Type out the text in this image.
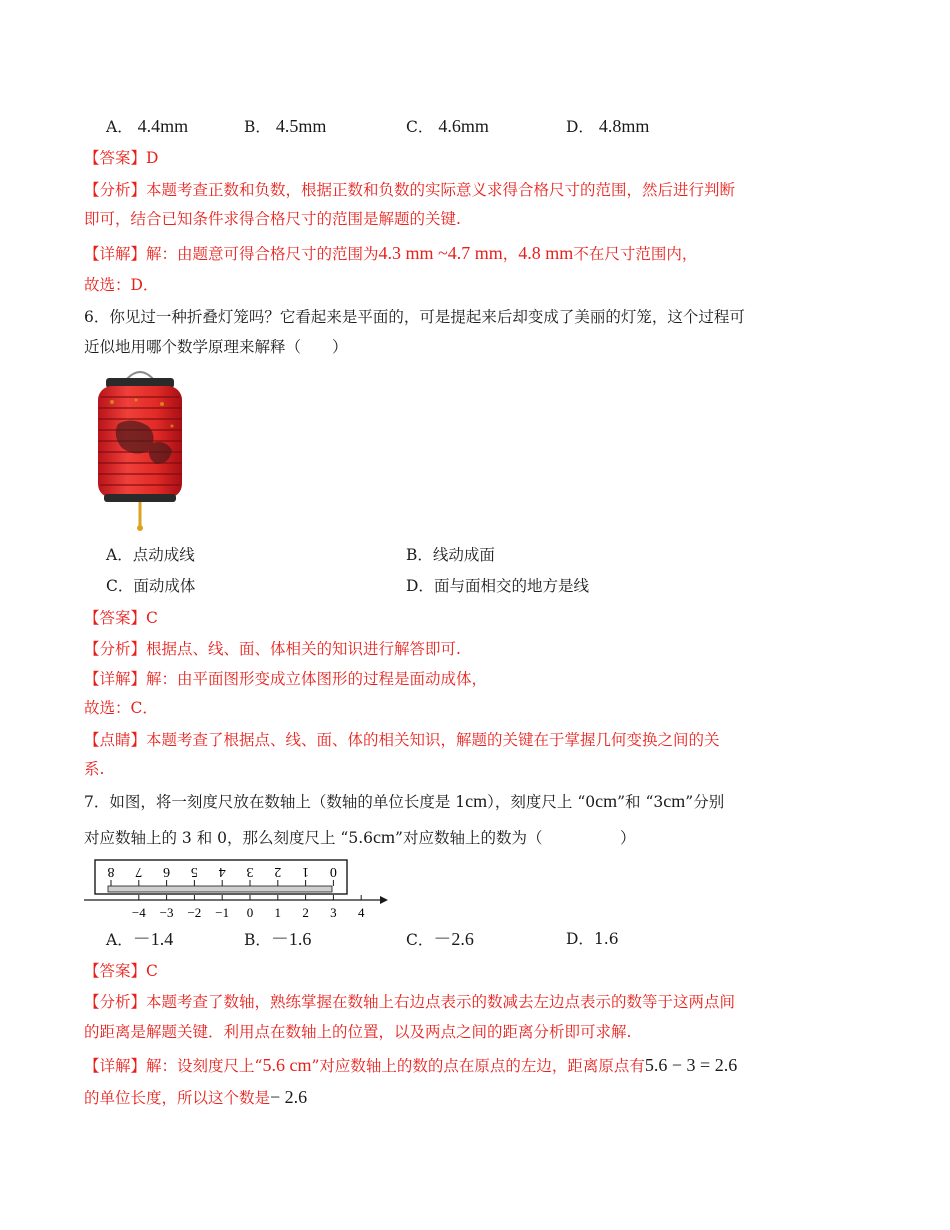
A． 4.4mm	B． 4.5mm	C． 4.6mm	D． 4.8mm
【答案】D
【分析】本题考查正数和负数，根据正数和负数的实际意义求得合格尺寸的范围，然后进行判断
即可，结合已知条件求得合格尺寸的范围是解题的关键.
【详解】解：由题意可得合格尺寸的范围为4.3 mm ~4.7 mm，4.8 mm不在尺寸范围内，
故选：D．
6．你见过一种折叠灯笼吗？它看起来是平面的，可是提起来后却变成了美丽的灯笼，这个过程可
近似地用哪个数学原理来解释（　　）
A．点动成线	B．线动成面
C．面动成体	D．面与面相交的地方是线
【答案】C
【分析】根据点、线、面、体相关的知识进行解答即可.
【详解】解：由平面图形变成立体图形的过程是面动成体，
故选：C．
【点睛】本题考查了根据点、线、面、体的相关知识，解题的关键在于掌握几何变换之间的关
系.
7．如图，将一刻度尺放在数轴上（数轴的单位长度是 1cm），刻度尺上 “0cm”和 “3cm”分别
对应数轴上的 3 和 0，那么刻度尺上 “5.6cm”对应数轴上的数为（　　　　　）
0
1
2
3
4
5
6
7
8
−4 −3 −2 −1 0 1 2 3 4
A．－1.4	B．－1.6	C．－2.6	D．1.6
【答案】C
【分析】本题考查了数轴，熟练掌握在数轴上右边点表示的数减去左边点表示的数等于这两点间
的距离是解题关键．利用点在数轴上的位置，以及两点之间的距离分析即可求解.
【详解】解：设刻度尺上“5.6 cm”对应数轴上的数的点在原点的左边，距离原点有5.6 − 3 = 2.6
的单位长度，所以这个数是− 2.6
